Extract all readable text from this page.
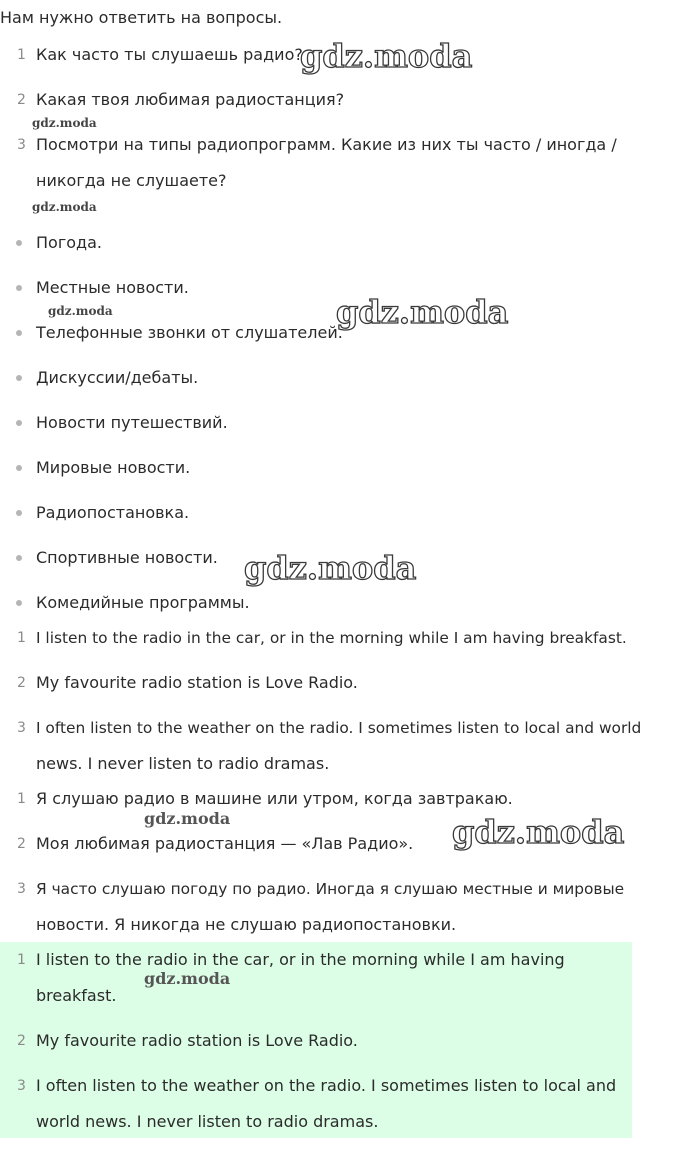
Нам нужно ответить на вопросы.
1 Как часто ты слушаешь радио?
2 Какая твоя любимая радиостанция?
3 Посмотри на типы радиопрограмм. Какие из них ты часто / иногда /
никогда не слушаете?
Погода.
Местные новости.
Телефонные звонки от слушателей.
Дискуссии/дебаты.
Новости путешествий.
Мировые новости.
Радиопостановка.
Спортивные новости.
Комедийные программы.
1 I listen to the radio in the car, or in the morning while I am having breakfast.
2 My favourite radio station is Love Radio.
3 I often listen to the weather on the radio. I sometimes listen to local and world
news. I never listen to radio dramas.
1 Я слушаю радио в машине или утром, когда завтракаю.
2 Моя любимая радиостанция — «Лав Радио».
3 Я часто слушаю погоду по радио. Иногда я слушаю местные и мировые
новости. Я никогда не слушаю радиопостановки.
1 I listen to the radio in the car, or in the morning while I am having
breakfast.
2 My favourite radio station is Love Radio.
3 I often listen to the weather on the radio. I sometimes listen to local and
world news. I never listen to radio dramas.
gdz.moda
gdz.moda
gdz.moda
gdz.moda	gdz.moda
gdz.moda
gdz.moda	gdz.moda
gdz.moda
